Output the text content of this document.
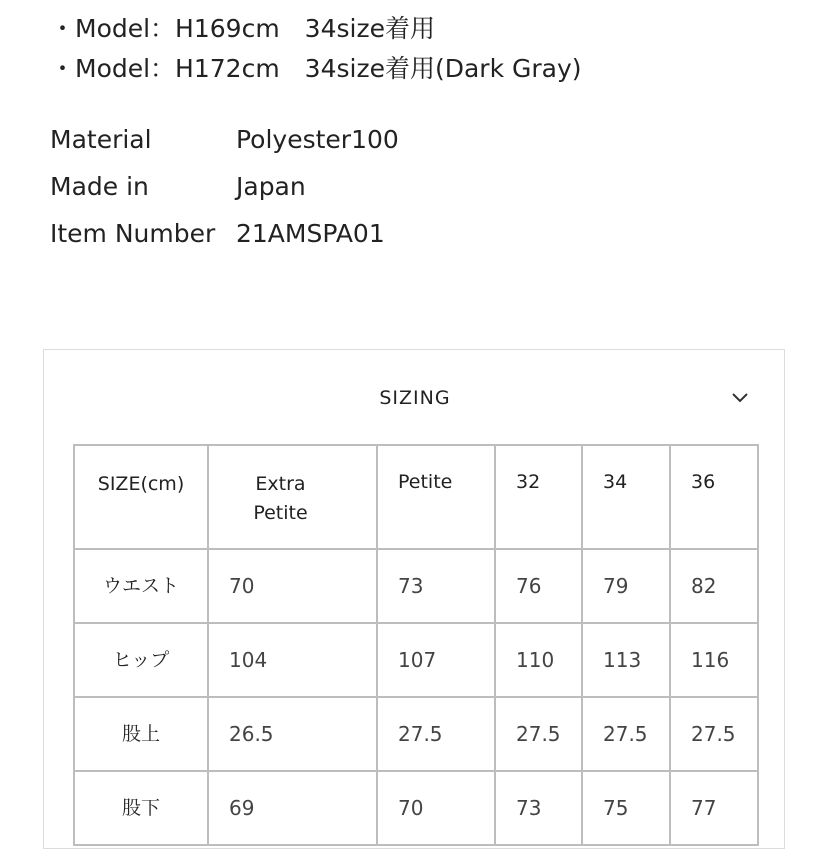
・Model：H169cm　34size着用
・Model：H172cm　34size着用(Dark Gray)
Material	Polyester100
Made in	Japan
Item Number 21AMSPA01
SIZING
SIZE(cm)	Extra Petite	Petite	32	34	36
ウエスト	70	73	76	79	82
ヒップ	104	107	110	113	116
股上	26.5	27.5	27.5	27.5	27.5
股下	69	70	73	75	77
